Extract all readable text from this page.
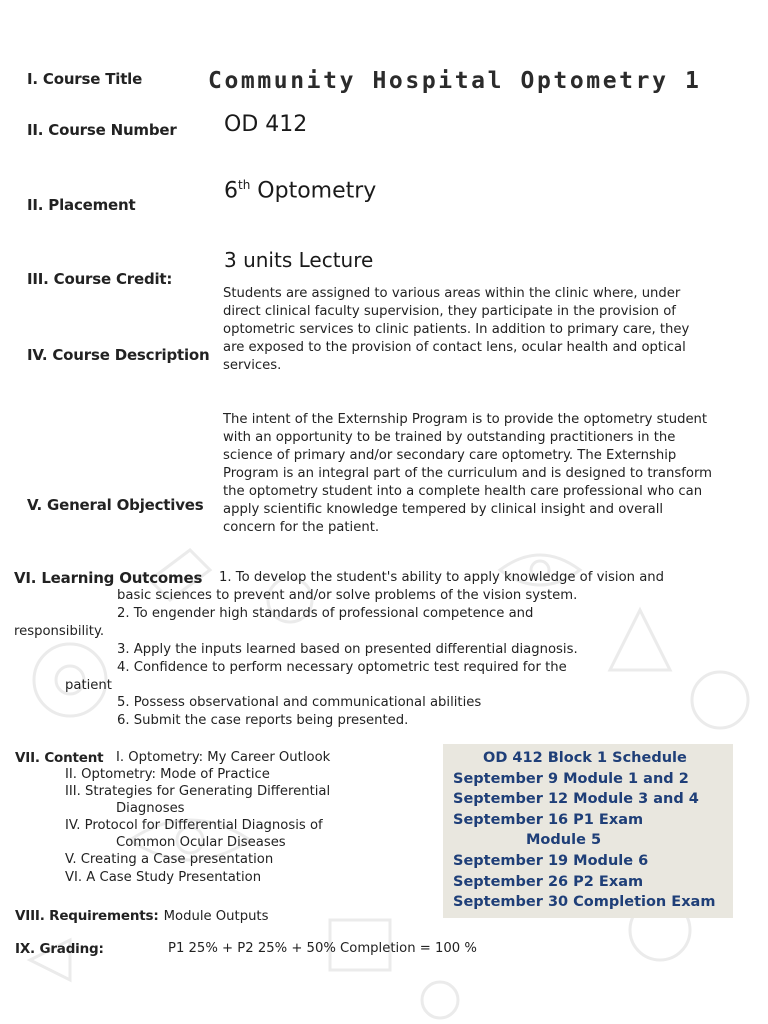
I. Course Title	Community Hospital Optometry 1
II. Course Number OD 412
II. Placement
6th Optometry
III. Course Credit:
3 units Lecture
IV. Course Description
Students are assigned to various areas within the clinic where, under direct clinical faculty supervision, they participate in the provision of optometric services to clinic patients. In addition to primary care, they are exposed to the provision of contact lens, ocular health and optical services.
V. General Objectives
The intent of the Externship Program is to provide the optometry student with an opportunity to be trained by outstanding practitioners in the science of primary and/or secondary care optometry. The Externship Program is an integral part of the curriculum and is designed to transform the optometry student into a complete health care professional who can apply scientific knowledge tempered by clinical insight and overall concern for the patient.
VI. Learning Outcomes 1. To develop the student's ability to apply knowledge of vision and
basic sciences to prevent and/or solve problems of the vision system.
2. To engender high standards of professional competence and
responsibility.
3. Apply the inputs learned based on presented differential diagnosis.
4. Confidence to perform necessary optometric test required for the
patient
5. Possess observational and communicational abilities
6. Submit the case reports being presented.
VII. Content I. Optometry: My Career Outlook
II. Optometry: Mode of Practice
III. Strategies for Generating Differential
Diagnoses
IV. Protocol for Differential Diagnosis of
Common Ocular Diseases
V. Creating a Case presentation
VI. A Case Study Presentation
VIII. Requirements: Module Outputs
IX. Grading:	P1 25% + P2 25% + 50% Completion = 100 %
OD 412 Block 1 Schedule
September 9 Module 1 and 2
September 12 Module 3 and 4
September 16 P1 Exam
Module 5
September 19 Module 6
September 26 P2 Exam
September 30 Completion Exam
